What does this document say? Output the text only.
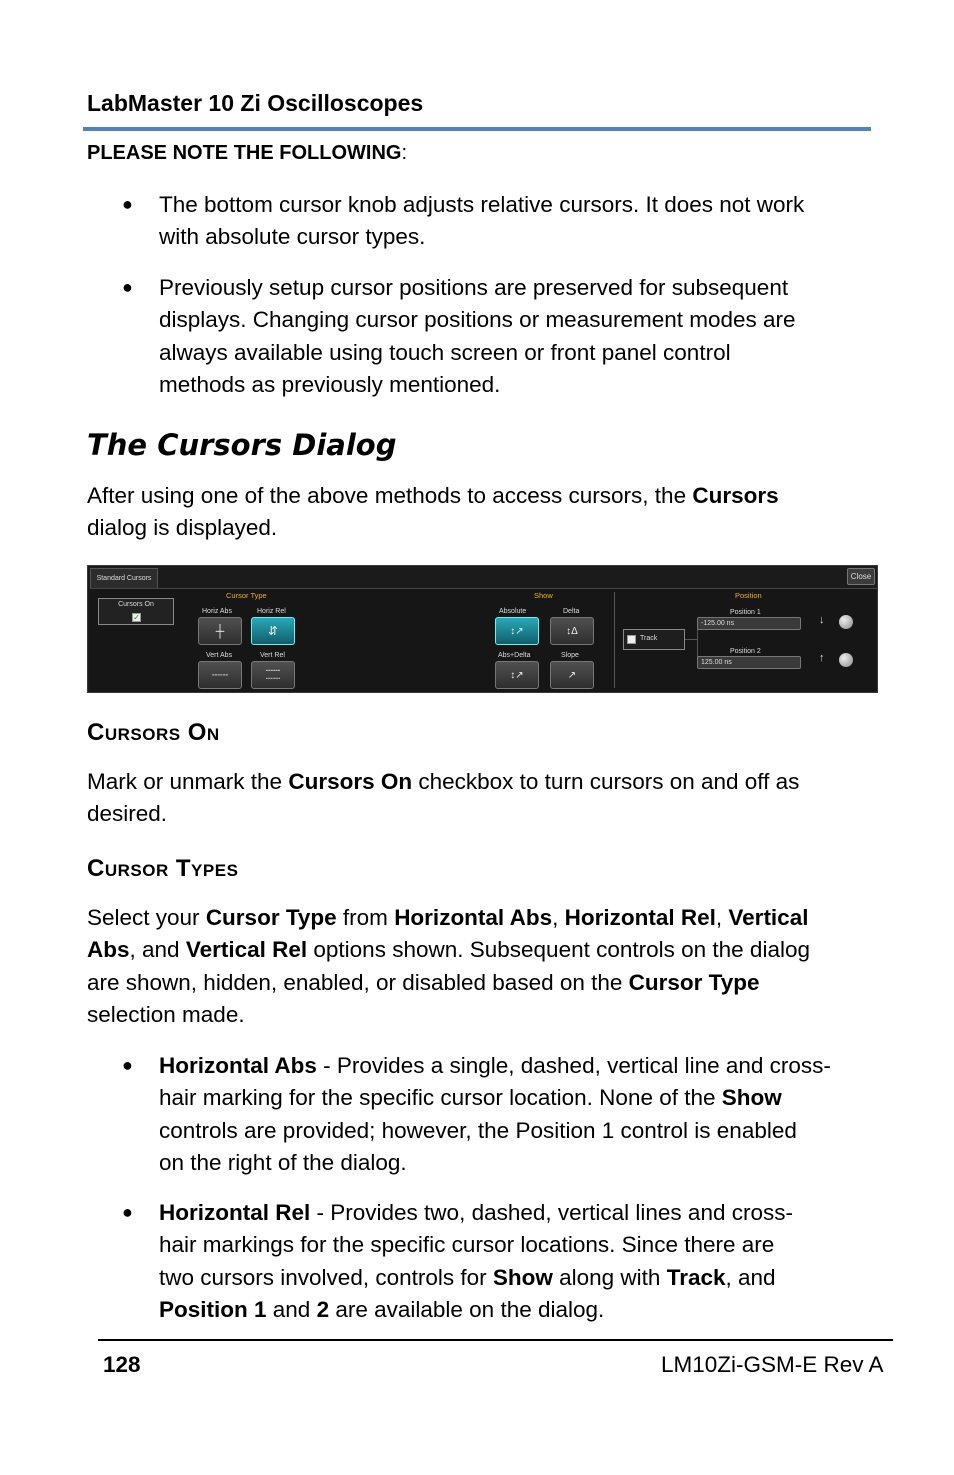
LabMaster 10 Zi Oscilloscopes
PLEASE NOTE THE FOLLOWING:
● The bottom cursor knob adjusts relative cursors. It does not work
with absolute cursor types.
● Previously setup cursor positions are preserved for subsequent
displays. Changing cursor positions or measurement modes are
always available using touch screen or front panel control
methods as previously mentioned.
The Cursors Dialog
After using one of the above methods to access cursors, the Cursors
dialog is displayed.
Standard Cursors	Close
Cursors On
✓
Cursor Type
Horiz Abs	Horiz Rel
┼	⇵
Vert Abs	Vert Rel
╌╌╌	╌╌╌
┄┄┄
Show
Absolute	Delta
↕↗	↕Δ
Abs+Delta	Slope
↕↗	↗
Position
Track
Position 1
-125.00 ns
Position 2
125.00 ns
↓
↑
Cursors On
Mark or unmark the Cursors On checkbox to turn cursors on and off as
desired.
Cursor Types
Select your Cursor Type from Horizontal Abs, Horizontal Rel, Vertical
Abs, and Vertical Rel options shown. Subsequent controls on the dialog
are shown, hidden, enabled, or disabled based on the Cursor Type
selection made.
● Horizontal Abs - Provides a single, dashed, vertical line and cross-
hair marking for the specific cursor location. None of the Show
controls are provided; however, the Position 1 control is enabled
on the right of the dialog.
● Horizontal Rel - Provides two, dashed, vertical lines and cross-
hair markings for the specific cursor locations. Since there are
two cursors involved, controls for Show along with Track, and
Position 1 and 2 are available on the dialog.
128	LM10Zi-GSM-E Rev A
